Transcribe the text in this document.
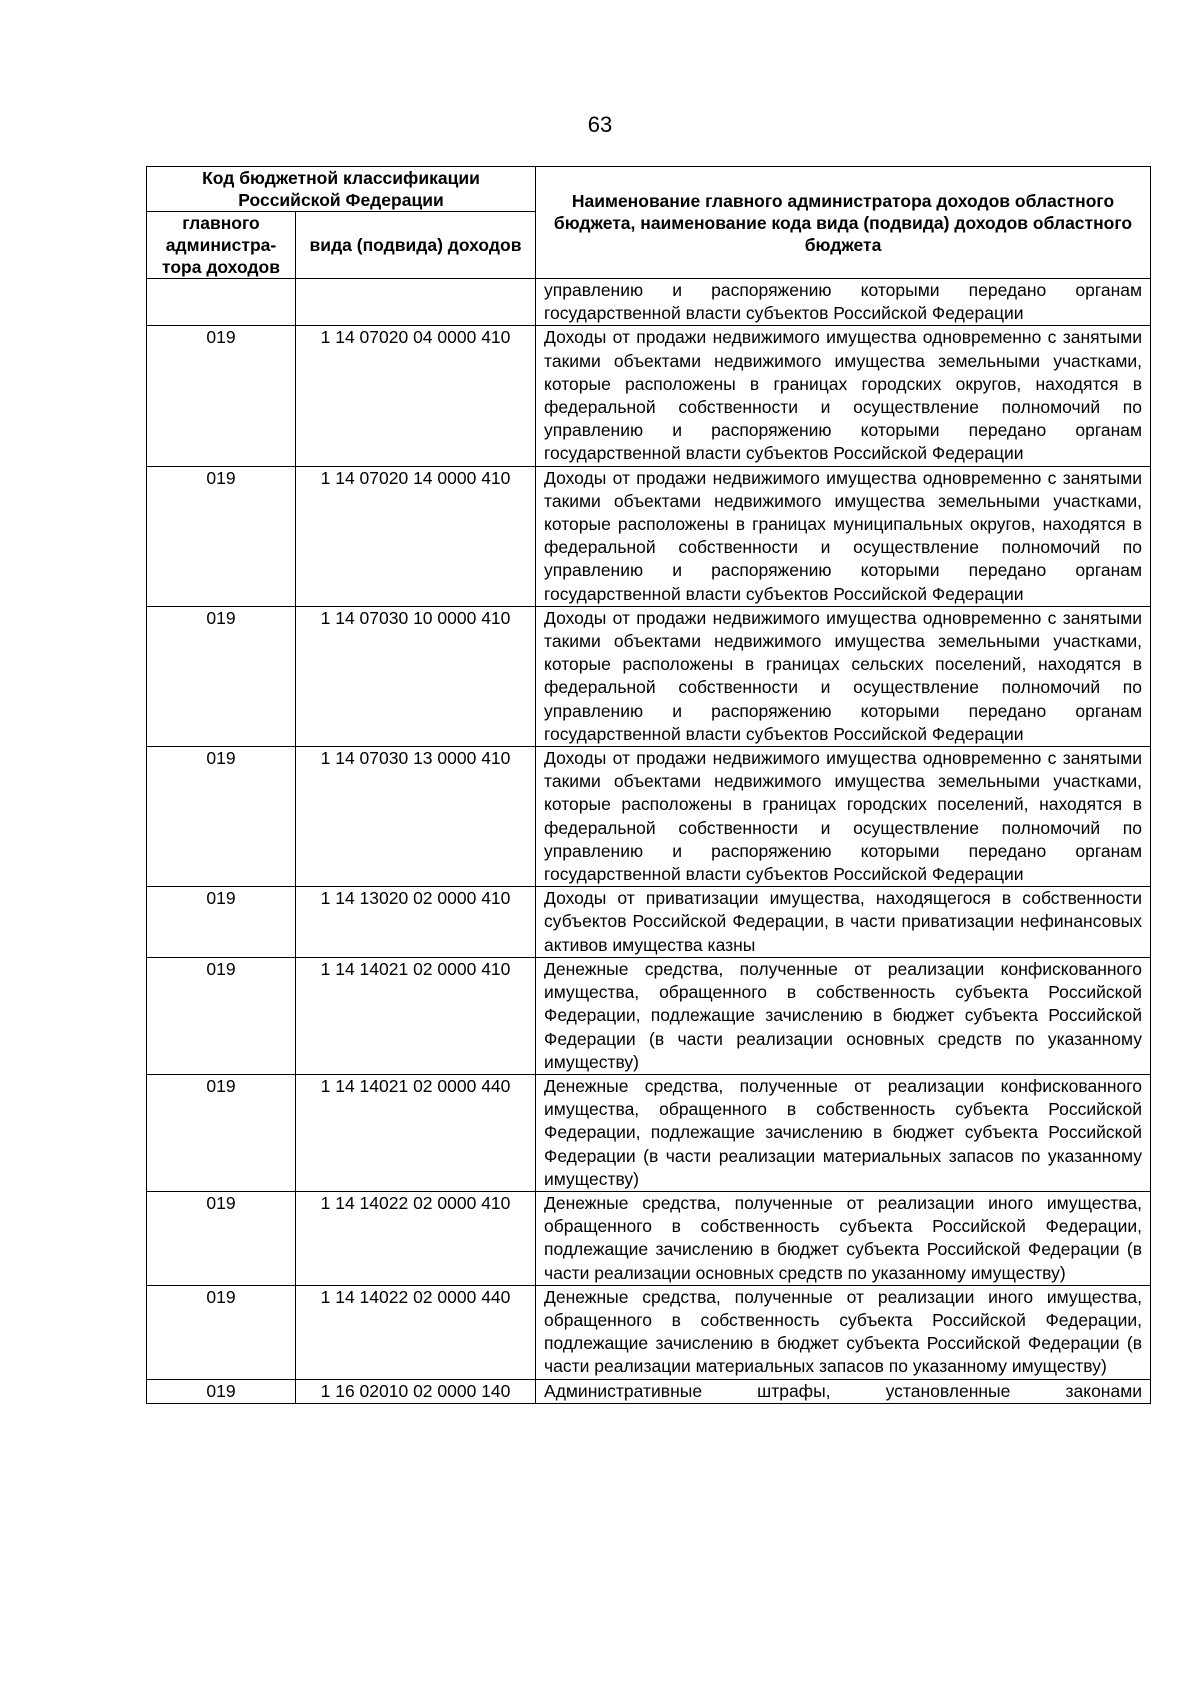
63
Код бюджетной классификации Российской Федерации		Наименование главного администратора доходов областного бюджета, наименование кода вида (подвида) доходов областного бюджета
главного администра-тора доходов	вида (подвида) доходов	
		управлению и распоряжению которыми передано органам государственной власти субъектов Российской Федерации
019	1 14 07020 04 0000 410	Доходы от продажи недвижимого имущества одновременно с занятыми такими объектами недвижимого имущества земельными участками, которые расположены в границах городских округов, находятся в федеральной собственности и осуществление полномочий по управлению и распоряжению которыми передано органам государственной власти субъектов Российской Федерации
019	1 14 07020 14 0000 410	Доходы от продажи недвижимого имущества одновременно с занятыми такими объектами недвижимого имущества земельными участками, которые расположены в границах муниципальных округов, находятся в федеральной собственности и осуществление полномочий по управлению и распоряжению которыми передано органам государственной власти субъектов Российской Федерации
019	1 14 07030 10 0000 410	Доходы от продажи недвижимого имущества одновременно с занятыми такими объектами недвижимого имущества земельными участками, которые расположены в границах сельских поселений, находятся в федеральной собственности и осуществление полномочий по управлению и распоряжению которыми передано органам государственной власти субъектов Российской Федерации
019	1 14 07030 13 0000 410	Доходы от продажи недвижимого имущества одновременно с занятыми такими объектами недвижимого имущества земельными участками, которые расположены в границах городских поселений, находятся в федеральной собственности и осуществление полномочий по управлению и распоряжению которыми передано органам государственной власти субъектов Российской Федерации
019	1 14 13020 02 0000 410	Доходы от приватизации имущества, находящегося в собственности субъектов Российской Федерации, в части приватизации нефинансовых активов имущества казны
019	1 14 14021 02 0000 410	Денежные средства, полученные от реализации конфискованного имущества, обращенного в собственность субъекта Российской Федерации, подлежащие зачислению в бюджет субъекта Российской Федерации (в части реализации основных средств по указанному имуществу)
019	1 14 14021 02 0000 440	Денежные средства, полученные от реализации конфискованного имущества, обращенного в собственность субъекта Российской Федерации, подлежащие зачислению в бюджет субъекта Российской Федерации (в части реализации материальных запасов по указанному имуществу)
019	1 14 14022 02 0000 410	Денежные средства, полученные от реализации иного имущества, обращенного в собственность субъекта Российской Федерации, подлежащие зачислению в бюджет субъекта Российской Федерации (в части реализации основных средств по указанному имуществу)
019	1 14 14022 02 0000 440	Денежные средства, полученные от реализации иного имущества, обращенного в собственность субъекта Российской Федерации, подлежащие зачислению в бюджет субъекта Российской Федерации (в части реализации материальных запасов по указанному имуществу)
019	1 16 02010 02 0000 140	Административные штрафы, установленные законами
